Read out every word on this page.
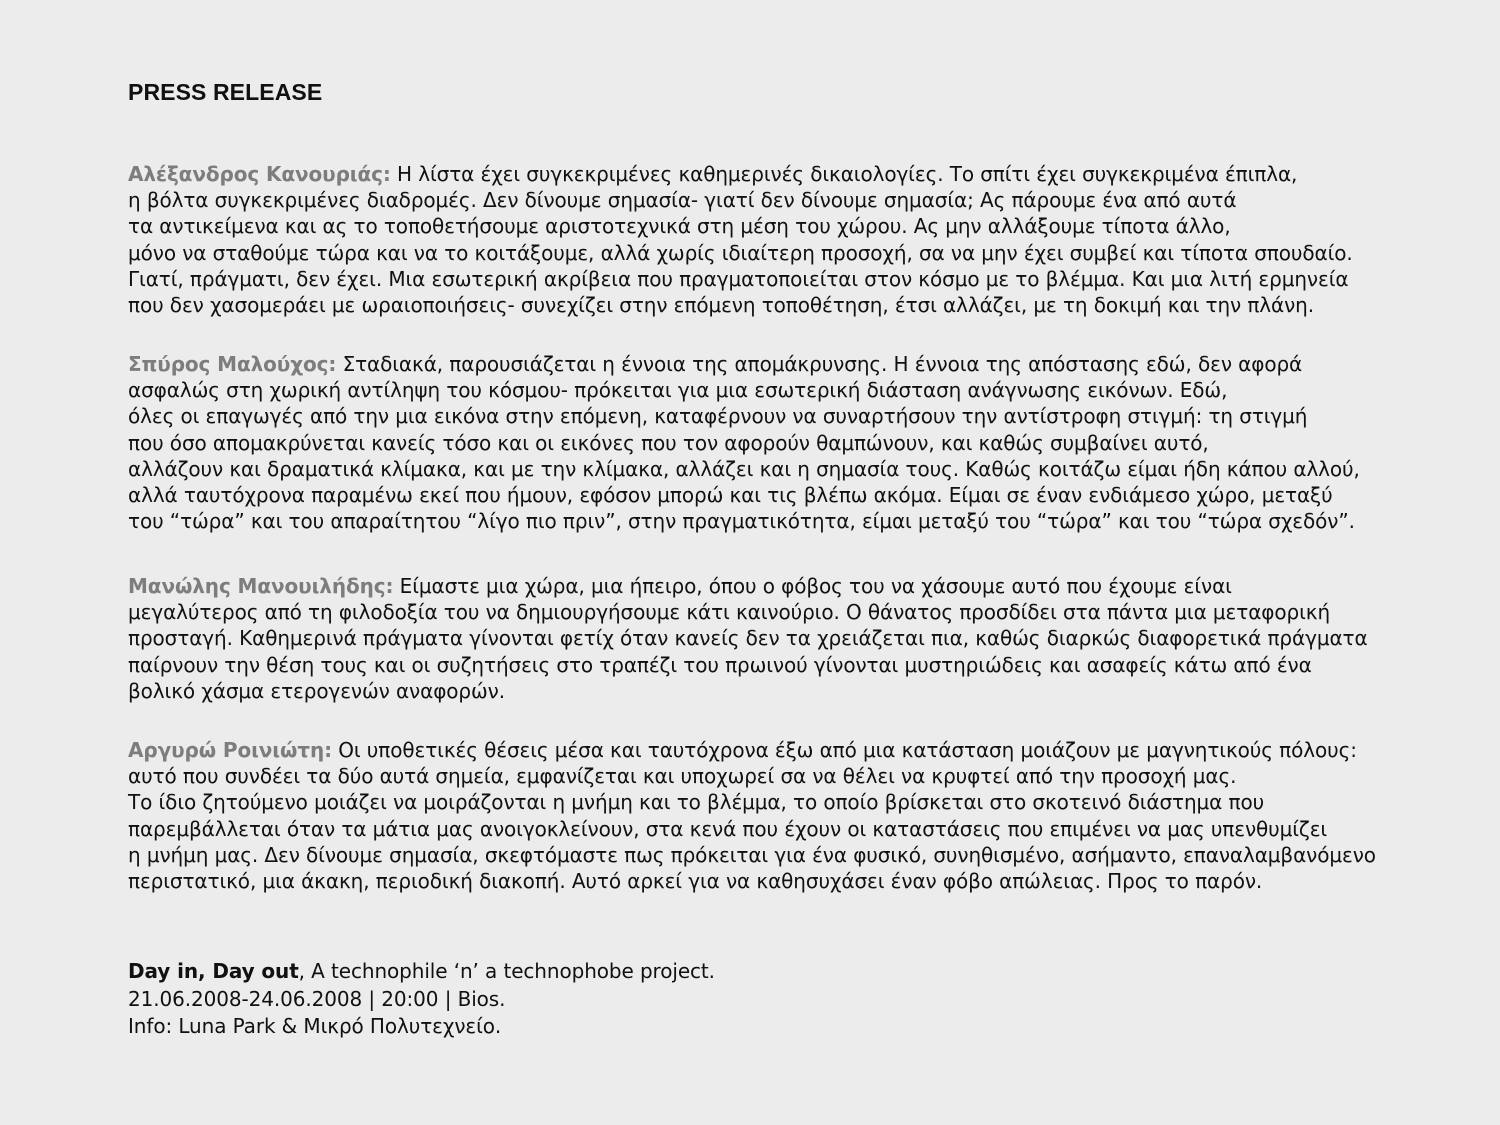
PRESS RELEASE

Αλέξανδρος Κανουριάς: Η λίστα έχει συγκεκριμένες καθημερινές δικαιολογίες. Το σπίτι έχει συγκεκριμένα έπιπλα,
η βόλτα συγκεκριμένες διαδρομές. Δεν δίνουμε σημασία- γιατί δεν δίνουμε σημασία; Ας πάρουμε ένα από αυτά
τα αντικείμενα και ας το τοποθετήσουμε αριστοτεχνικά στη μέση του χώρου. Ας μην αλλάξουμε τίποτα άλλο,
μόνο να σταθούμε τώρα και να το κοιτάξουμε, αλλά χωρίς ιδιαίτερη προσοχή, σα να μην έχει συμβεί και τίποτα σπουδαίο.
Γιατί, πράγματι, δεν έχει. Μια εσωτερική ακρίβεια που πραγματοποιείται στον κόσμο με το βλέμμα. Και μια λιτή ερμηνεία
που δεν χασομεράει με ωραιοποιήσεις- συνεχίζει στην επόμενη τοποθέτηση, έτσι αλλάζει, με τη δοκιμή και την πλάνη.

Σπύρος Μαλούχος: Σταδιακά, παρουσιάζεται η έννοια της απομάκρυνσης. Η έννοια της απόστασης εδώ, δεν αφορά
ασφαλώς στη χωρική αντίληψη του κόσμου- πρόκειται για μια εσωτερική διάσταση ανάγνωσης εικόνων. Εδώ,
όλες οι επαγωγές από την μια εικόνα στην επόμενη, καταφέρνουν να συναρτήσουν την αντίστροφη στιγμή: τη στιγμή
που όσο απομακρύνεται κανείς τόσο και οι εικόνες που τον αφορούν θαμπώνουν, και καθώς συμβαίνει αυτό,
αλλάζουν και δραματικά κλίμακα, και με την κλίμακα, αλλάζει και η σημασία τους. Καθώς κοιτάζω είμαι ήδη κάπου αλλού,
αλλά ταυτόχρονα παραμένω εκεί που ήμουν, εφόσον μπορώ και τις βλέπω ακόμα. Είμαι σε έναν ενδιάμεσο χώρο, μεταξύ
του “τώρα” και του απαραίτητου “λίγο πιο πριν”, στην πραγματικότητα, είμαι μεταξύ του “τώρα” και του “τώρα σχεδόν”.

Μανώλης Μανουιλήδης: Είμαστε μια χώρα, μια ήπειρο, όπου ο φόβος του να χάσουμε αυτό που έχουμε είναι
μεγαλύτερος από τη φιλοδοξία του να δημιουργήσουμε κάτι καινούριο. Ο θάνατος προσδίδει στα πάντα μια μεταφορική
προσταγή. Καθημερινά πράγματα γίνονται φετίχ όταν κανείς δεν τα χρειάζεται πια, καθώς διαρκώς διαφορετικά πράγματα
παίρνουν την θέση τους και οι συζητήσεις στο τραπέζι του πρωινού γίνονται μυστηριώδεις και ασαφείς κάτω από ένα
βολικό χάσμα ετερογενών αναφορών.

Αργυρώ Ροινιώτη: Οι υποθετικές θέσεις μέσα και ταυτόχρονα έξω από μια κατάσταση μοιάζουν με μαγνητικούς πόλους:
αυτό που συνδέει τα δύο αυτά σημεία, εμφανίζεται και υποχωρεί σα να θέλει να κρυφτεί από την προσοχή μας.
Το ίδιο ζητούμενο μοιάζει να μοιράζονται η μνήμη και το βλέμμα, το οποίο βρίσκεται στο σκοτεινό διάστημα που
παρεμβάλλεται όταν τα μάτια μας ανοιγοκλείνουν, στα κενά που έχουν οι καταστάσεις που επιμένει να μας υπενθυμίζει
η μνήμη μας. Δεν δίνουμε σημασία, σκεφτόμαστε πως πρόκειται για ένα φυσικό, συνηθισμένο, ασήμαντο, επαναλαμβανόμενο
περιστατικό, μια άκακη, περιοδική διακοπή. Αυτό αρκεί για να καθησυχάσει έναν φόβο απώλειας. Προς το παρόν.

Day in, Day out, A technophile ‘n’ a technophobe project.
21.06.2008-24.06.2008 | 20:00 | Bios.
Info: Luna Park & Μικρό Πολυτεχνείο.
